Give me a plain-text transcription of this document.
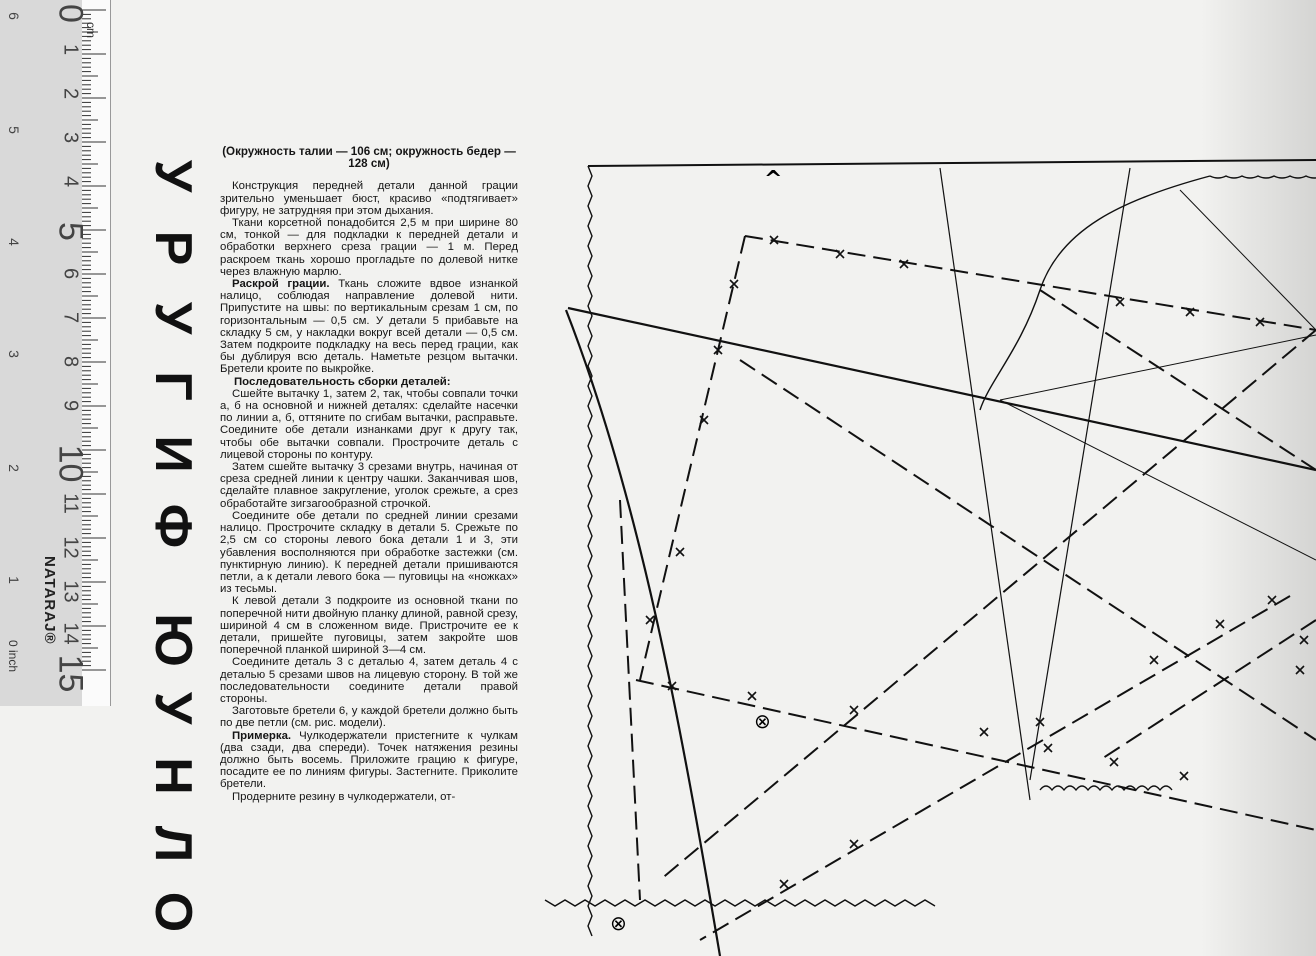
cm
0 inch
NATARAJ®
0
1
2
3
4
5
6
7
8
9
10
11
12
13
14
15
6
5
4
3
2
1
У
Р
У
Г
И
Ф
Ю
У
Н
Л
О

(Окружность талии — 106 см; окружность бедер — 128 см)

Конструкция передней детали данной грации зрительно уменьшает бюст, красиво «подтягивает» фигуру, не затрудняя при этом дыхания.

Ткани корсетной понадобится 2,5 м при ширине 80 см, тонкой — для подкладки к передней детали и обработки верхнего среза грации — 1 м. Перед раскроем ткань хорошо прогладьте по долевой нитке через влажную марлю.

Раскрой грации. Ткань сложите вдвое изнанкой налицо, соблюдая направление долевой нити. Припустите на швы: по вертикальным срезам 1 см, по горизонтальным — 0,5 см. У детали 5 прибавьте на складку 5 см, у накладки вокруг всей детали — 0,5 см. Затем подкроите подкладку на весь перед грации, как бы дублируя всю деталь. Наметьте резцом вытачки. Бретели кроите по выкройке.

Последовательность сборки деталей:

Сшейте вытачку 1, затем 2, так, чтобы совпали точки а, б на основной и нижней деталях: сделайте насечки по линии а, б, оттяните по сгибам вытачки, расправьте. Соедините обе детали изнанками друг к другу так, чтобы обе вытачки совпали. Прострочите деталь с лицевой стороны по контуру.

Затем сшейте вытачку 3 срезами внутрь, начиная от среза средней линии к центру чашки. Заканчивая шов, сделайте плавное закругление, уголок срежьте, а срез обработайте зигзагообразной строчкой.

Соедините обе детали по средней линии срезами налицо. Прострочите складку в детали 5. Срежьте по 2,5 см со стороны левого бока детали 1 и 3, эти убавления восполняются при обработке застежки (см. пунктирную линию). К передней детали пришиваются петли, а к детали левого бока — пуговицы на «ножках» из тесьмы.

К левой детали 3 подкроите из основной ткани по поперечной нити двойную планку длиной, равной срезу, шириной 4 см в сложенном виде. Пристрочите ее к детали, пришейте пуговицы, затем закройте шов поперечной планкой шириной 3—4 см.

Соедините деталь 3 с деталью 4, затем деталь 4 с деталью 5 срезами швов на лицевую сторону. В той же последовательности соедините детали правой стороны.

Заготовьте бретели 6, у каждой бретели должно быть по две петли (см. рис. модели).

Примерка. Чулкодержатели пристегните к чулкам (два сзади, два спереди). Точек натяжения резины должно быть восемь. Приложите грацию к фигуре, посадите ее по линиям фигуры. Застегните. Приколите бретели.

Продерните резину в чулкодержатели, от-

⊗
⊗
^
